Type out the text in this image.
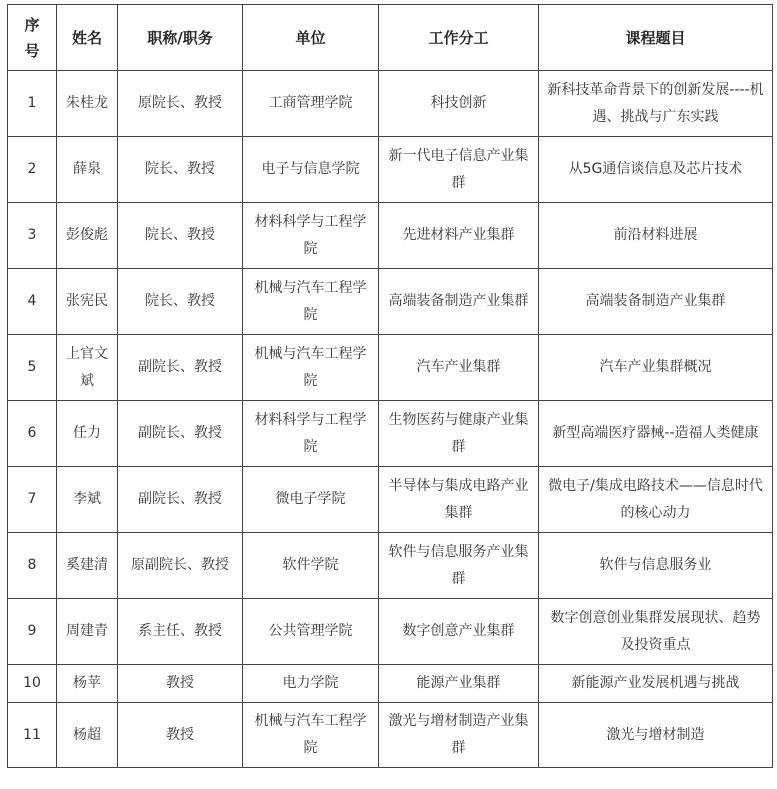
序号	姓名	职称/职务	单位	工作分工	课程题目
1	朱桂龙	原院长、教授	工商管理学院	科技创新	新科技革命背景下的创新发展----机遇、挑战与广东实践
2	薛泉	院长、教授	电子与信息学院	新一代电子信息产业集群	从5G通信谈信息及芯片技术
3	彭俊彪	院长、教授	材料科学与工程学院	先进材料产业集群	前沿材料进展
4	张宪民	院长、教授	机械与汽车工程学院	高端装备制造产业集群	高端装备制造产业集群
5	上官文斌	副院长、教授	机械与汽车工程学院	汽车产业集群	汽车产业集群概况
6	任力	副院长、教授	材料科学与工程学院	生物医药与健康产业集群	新型高端医疗器械--造福人类健康
7	李斌	副院长、教授	微电子学院	半导体与集成电路产业集群	微电子/集成电路技术——信息时代的核心动力
8	奚建清	原副院长、教授	软件学院	软件与信息服务产业集群	软件与信息服务业
9	周建青	系主任、教授	公共管理学院	数字创意产业集群	数字创意创业集群发展现状、趋势及投资重点
10	杨苹	教授	电力学院	能源产业集群	新能源产业发展机遇与挑战
11	杨超	教授	机械与汽车工程学院	激光与增材制造产业集群	激光与增材制造
